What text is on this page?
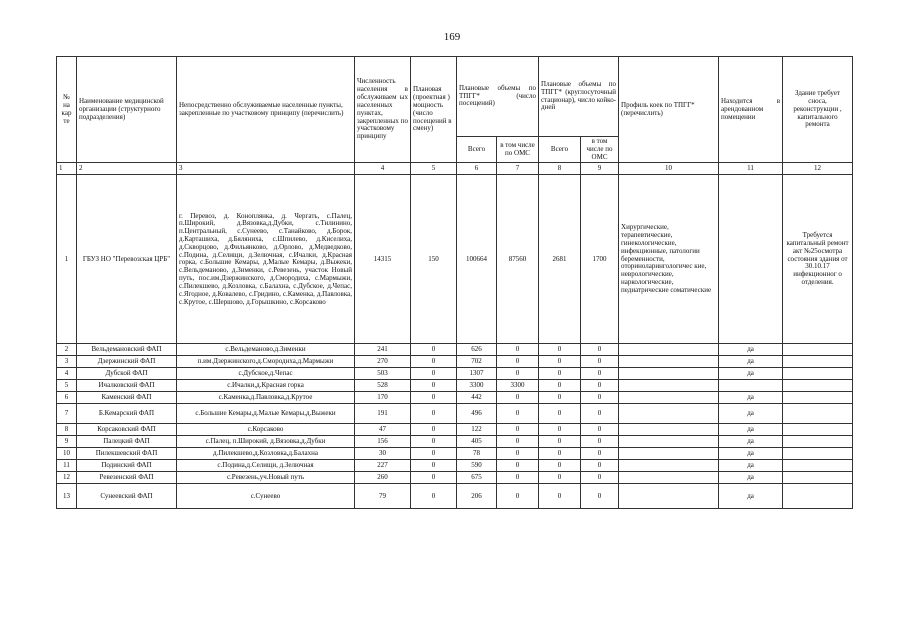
169
№ на кар те	Наименование медицинской организации (структурного подразделения)	Непосредственно обслуживаемые населенные пункты, закрепленные по участковому принципу (перечислить)	Численность населения в обслуживаем ых населенных пунктах, закрепленных по участковому принципу	Плановая (проектная ) мощность (число посещений в смену)	Плановые объемы по ТПГГ* (число посещений)		Плановые объемы по ТПГГ* (круглосуточный стационар), число койко-дней		Профиль коек по ТПГГ* (перечислить)	Находится в арендованном помещении	Здание требует сноса, реконструкции , капитального ремонта
					Всего	в том числе по ОМС	Всего	в том числе по ОМС			
1	2	3	4	5	6	7	8	9	10	11	12
1	ГБУЗ НО "Перевозская ЦРБ"	г. Перевоз, д. Коноплянка, д. Чергать, с.Палец, п.Широкий, д.Вязовка,д.Дубки, с.Тилинино, п.Центральный, с.Сунеево, с.Танайково, д.Борок, д.Карташиха, д.Бяляниха, с.Шпилево, д.Киселиха, д.Скворцово, д.Фильянково, д.Орлово, д.Медведково, с.Подина, д.Селищи, д.Зелючная, с.Ичалки, д.Красная горка, с.Большие Кемары, д.Малые Кемары, д.Выжеки, с.Вельдеманово, д.Зименки, с.Ревезень, участок Новый путь, пос.им.Дзержинского, д.Смородиха, с.Мармыжи, с.Пилекшево, д.Козловка, с.Балахна, с.Дубское, д.Чепас, с.Ягодное, д.Ковалево, с.Гридино, с.Каменка, д.Павловка, с.Крутое, с.Шершово, д.Горышкино, с.Корсаково	14315	150	100664	87560	2681	1700	Хирургические, терапевтические, гинекологические, инфекционные, патологии беременности, оториноларингологичес кие, неврологические, наркологические, педиатрические соматические		Требуется капитальный ремонт акт №25осмотра состояния здания от 30.10.17 инфекционног о отделения.
2	Вельдемановский ФАП	с.Вельдеманово,д.Зименки	241	0	626	0	0	0		да	
3	Дзержинский ФАП	п.им.Дзержинского,д.Смородиха,д.Мармыжи	270	0	702	0	0	0		да	
4	Дубской ФАП	с.Дубское,д.Чепас	503	0	1307	0	0	0		да	
5	Ичалковский ФАП	с.Ичалки,д.Красная горка	528	0	3300	3300	0	0			
6	Каменский ФАП	с.Каменка,д.Павловка,д.Крутое	170	0	442	0	0	0		да	
7	Б.Кемарский ФАП	с.Большие Кемары,д.Малые Кемары,д.Выжеки	191	0	496	0	0	0		да	
8	Корсаковский ФАП	с.Корсаково	47	0	122	0	0	0		да	
9	Палецкий ФАП	с.Палец, п.Широкий, д.Вязовка,д.Дубки	156	0	405	0	0	0		да	
10	Пилекшевский ФАП	д.Пилекшево,д.Козловка,д.Балахна	30	0	78	0	0	0		да	
11	Подинский ФАП	с.Подина,д.Селищи, д.Зелючная	227	0	590	0	0	0		да	
12	Ревезенский ФАП	с.Ревезень,уч.Новый путь	260	0	675	0	0	0		да	
13	Сунеевский ФАП	с.Сунеево	79	0	206	0	0	0		да	
